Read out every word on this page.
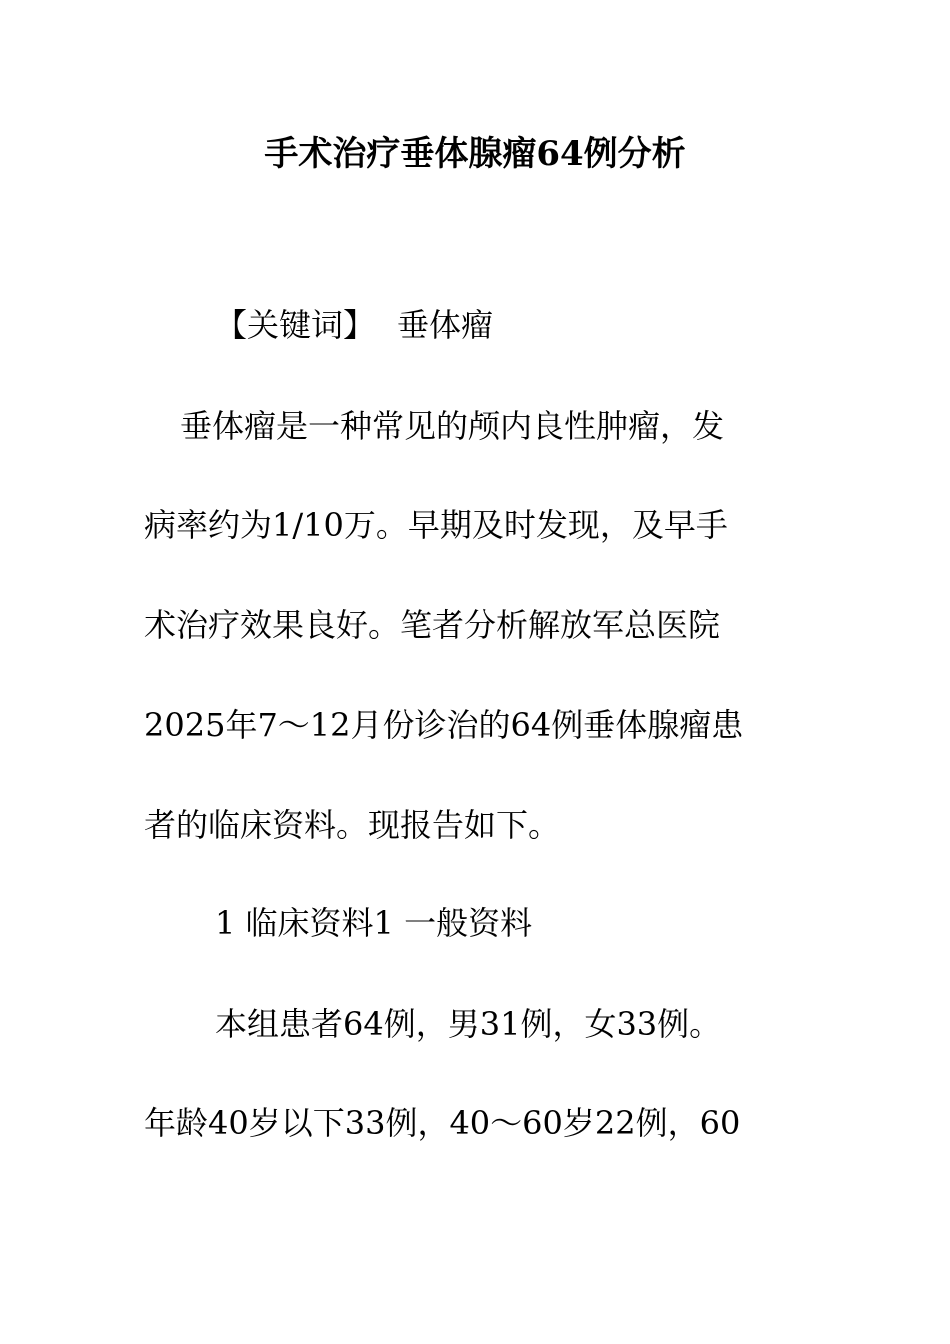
手术治疗垂体腺瘤64例分析
【关键词】 垂体瘤
垂体瘤是一种常见的颅内良性肿瘤，发
病率约为1/10万。早期及时发现，及早手
术治疗效果良好。笔者分析解放军总医院
2025年7～12月份诊治的64例垂体腺瘤患
者的临床资料。现报告如下。
1 临床资料1 一般资料
本组患者64例，男31例，女33例。
年龄40岁以下33例，40～60岁22例，60
